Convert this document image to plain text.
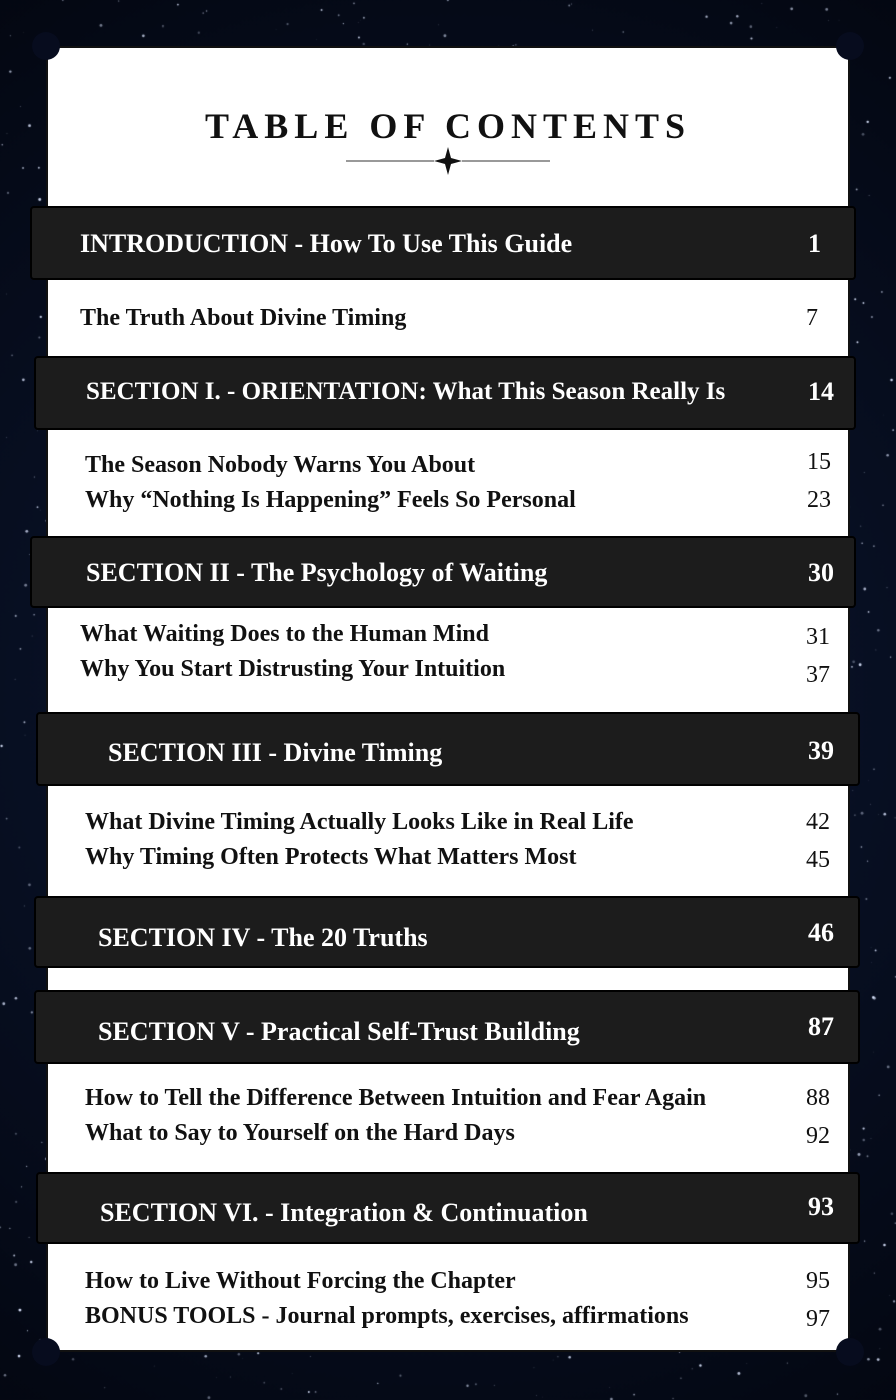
TABLE OF CONTENTS
INTRODUCTION - How To Use This Guide	1
The Truth About Divine Timing	7
SECTION I. - ORIENTATION: What This Season Really Is	14
The Season Nobody Warns You About	15
Why “Nothing Is Happening” Feels So Personal	23
SECTION II - The Psychology of Waiting	30
What Waiting Does to the Human Mind	31
Why You Start Distrusting Your Intuition	37
SECTION III - Divine Timing	39
What Divine Timing Actually Looks Like in Real Life	42
Why Timing Often Protects What Matters Most	45
SECTION IV - The 20 Truths	46
SECTION V - Practical Self-Trust Building	87
How to Tell the Difference Between Intuition and Fear Again	88
What to Say to Yourself on the Hard Days	92
SECTION VI. - Integration & Continuation	93
How to Live Without Forcing the Chapter	95
BONUS TOOLS - Journal prompts, exercises, affirmations	97
